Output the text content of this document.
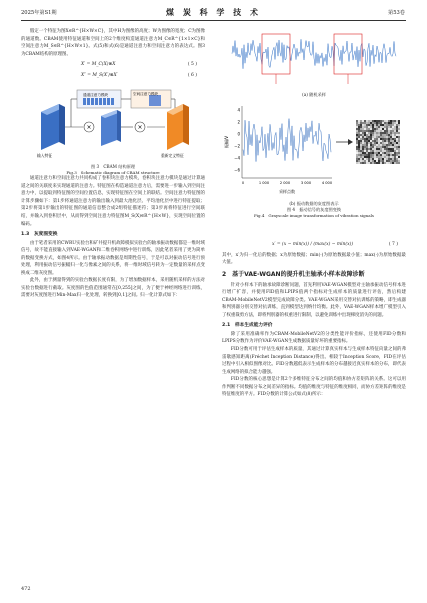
2025年第S1期	煤 炭 科 学 技 术	第53卷

假定一个特征为图X∈R^{H×W×C}，其中H为图像的高度；W为图像的宽度；C为图像的通道数。CBAM使用特征通道和空间上的2个维度构造通道注意力M_C∈R^{1×1×C}和空间注意力M_S∈R^{H×W×1}。式(5)和式(6)是通道注意力和空间注意力的表达式。图3为CBAM结构的原理图。

X′ = M_C(X)⊗X	( 5 )
X″ = M_S(X′)⊗X′	( 6 )
×	×
通道注意力模块	空间注意力模块
输入特征	重新定义特征
图 3　CBAM 结构原理
Fig.3　Schematic diagram of CBAM structure

通道注意力和空间注意力共同构成了卷积块注意力模块，卷积块注意力模块是通过计算通道之间的关联度来实现通道的注意力。特征图在构造通道注意力后，需要进一步输入到空间注意力中，以提取到特征图的空间位置信息，实现特征图在空间上的联结。空间注意力特征图的计算步骤如下：第1步将通道注意力的输出输入到最大池化层、平均池化层中进行特征提取；第2步将第1步输出的特征图的通道信息整合成2组特征描述符；第3步再将特征进行空间联结，并输入到卷积层中，从而得到空间注意力特征图M_S(X)∈R^{H×W}，实现空间位置的编码。

1.3　灰度图变换

由于笔者采用的CWRU实验台和矿井提升机故障模拟实验台的轴承振动数据都是一维时域信号，故不能直接输入到VAE-WGAN和二维卷积网络中进行训练，因此笔者采用了更为简单的数据变换方式，如图4所示。由于轴承振动数据是周期性信号，于是可以对振动信号进行预处理，利用振动信号振幅归一化与像素之间的关系，将一维时域信号转为一定数量的采样点变换成二维灰度图。

此外，由于测量得到的实验台数据长度有限，为了增加数据样本，采用随机采样的方法对实验台数据进行截取。灰度图的色值范围通常在[0,255]之间，为了便于神经网络进行训练，需要对灰度图进行Min-Max归一化处理，转换到[0,1]之间。归一化计算式如下：

(a) 随机采样
4
2
0
−2
−4
−6
0	1 000	2 000	3 000	4 000
振幅/V
采样点数
(b) 振动数据的灰度图表示
图 4　振动信号的灰度图变换
Fig.4　Grayscale image transformation of vibration signals
x′ = (x − min(x)) / (max(x) − min(x))	( 7 )

其中，x′为归一化后的数据；x为原始数据；min(·)为原始数据最小值；max(·)为原始数据最大值。

2　基于VAE-WGAN的提升机主轴承小样本故障诊断

针对小样本下的轴承故障诊断问题，首先利用VAE-WGAN模型对主轴承振动信号样本进行增广扩容，并使用FID值和LPIPS值两个指标对生成样本的质量进行评估，然后构建CBAM-MobileNetV2模型完成故障分类。VAE-WGAN采用交替对抗训练的策略，即生成器和判别器分别交替对抗训练，直到模型达到纳什均衡。此外，VAE-WGAN样本增广模型引入了权重裁剪方法，即将判别器的权重进行限制，以避免训练中出现梯度消失的问题。

2.1　样本生成能力评价

除了采用准确率作为CBAM-MobileNetV2的分类性能评价指标，还使用FID分数和LPIPS分数作为评价VAE-WGAN生成数据质量好坏的重要指标。

FID分数可用于评估生成样本的质量，其通过计算真实样本与生成样本特征向量之间的弗雷歇感知距离(Fréchet Inception Distance)得出。相较于Inception Score，FID在评估过程中引入相似图像对比。FID分数越低表示生成样本的分布越接近真实样本的分布，即代表生成网络的拟合能力越强。

FID分数的核心思想是计算2个多维特征分布之间的均值和协方差矩阵的关系。这可以用作判断不同数据分布之间差异的指标。均值的维度与特征的维度相同，而协方差矩阵的维度是特征维度的平方。FID分数的计算公式如式(8)所示：

472
